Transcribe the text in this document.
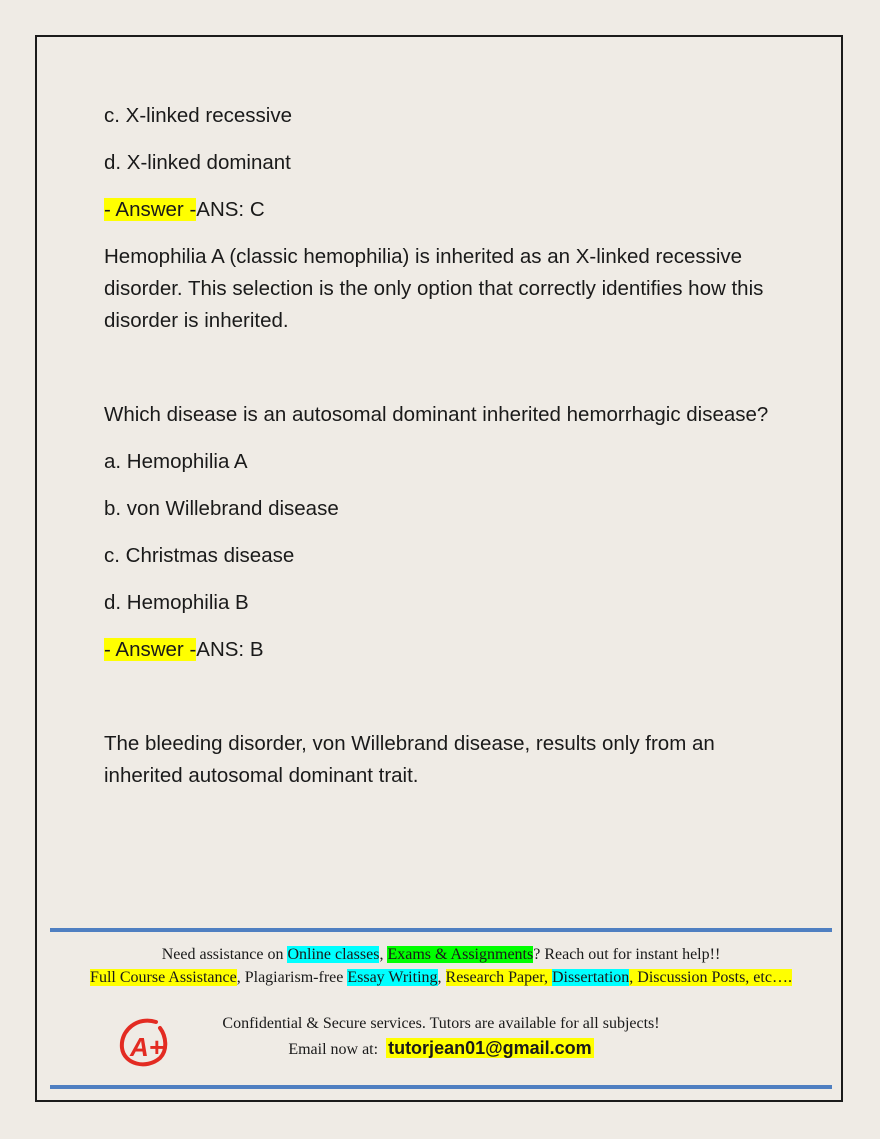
c. X-linked recessive

d. X-linked dominant

- Answer -ANS: C

Hemophilia A (classic hemophilia) is inherited as an X-linked recessive disorder. This selection is the only option that correctly identifies how this disorder is inherited.

Which disease is an autosomal dominant inherited hemorrhagic disease?

a. Hemophilia A

b. von Willebrand disease

c. Christmas disease

d. Hemophilia B

- Answer -ANS: B

The bleeding disorder, von Willebrand disease, results only from an inherited autosomal dominant trait.

Need assistance on Online classes, Exams & Assignments? Reach out for instant help!!
Full Course Assistance, Plagiarism-free Essay Writing, Research Paper, Dissertation, Discussion Posts, etc….
A+
Confidential & Secure services. Tutors are available for all subjects!
Email now at:  tutorjean01@gmail.com
